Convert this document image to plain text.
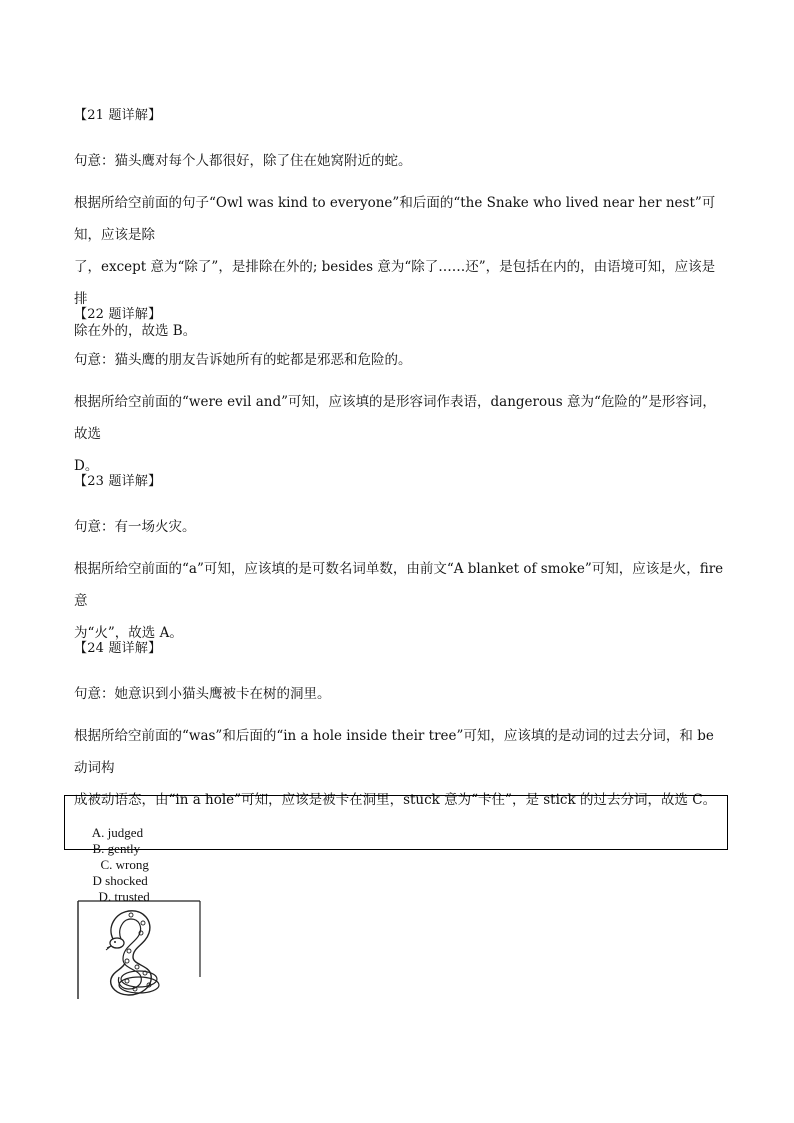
【21 题详解】
句意：猫头鹰对每个人都很好，除了住在她窝附近的蛇。

根据所给空前面的句子“Owl was kind to everyone”和后面的“the Snake who lived near her nest”可知，应该是除

了，except 意为“除了”，是排除在外的; besides 意为“除了……还”，是包括在内的，由语境可知，应该是排

除在外的，故选 B。

【22 题详解】
句意：猫头鹰的朋友告诉她所有的蛇都是邪恶和危险的。

根据所给空前面的“were evil and”可知，应该填的是形容词作表语，dangerous 意为“危险的”是形容词，故选

D。

【23 题详解】
句意：有一场火灾。

根据所给空前面的“a”可知，应该填的是可数名词单数，由前文“A blanket of smoke”可知，应该是火，fire 意

为“火”，故选 A。

【24 题详解】
句意：她意识到小猫头鹰被卡在树的洞里。

根据所给空前面的“was”和后面的“in a hole inside their tree”可知，应该填的是动词的过去分词，和 be 动词构

成被动语态，由“in a hole”可知，应该是被卡在洞里，stuck 意为“卡住”，是 stick 的过去分词，故选 C。

A. judged
B. gently
C. wrong
D shocked
D. trusted
